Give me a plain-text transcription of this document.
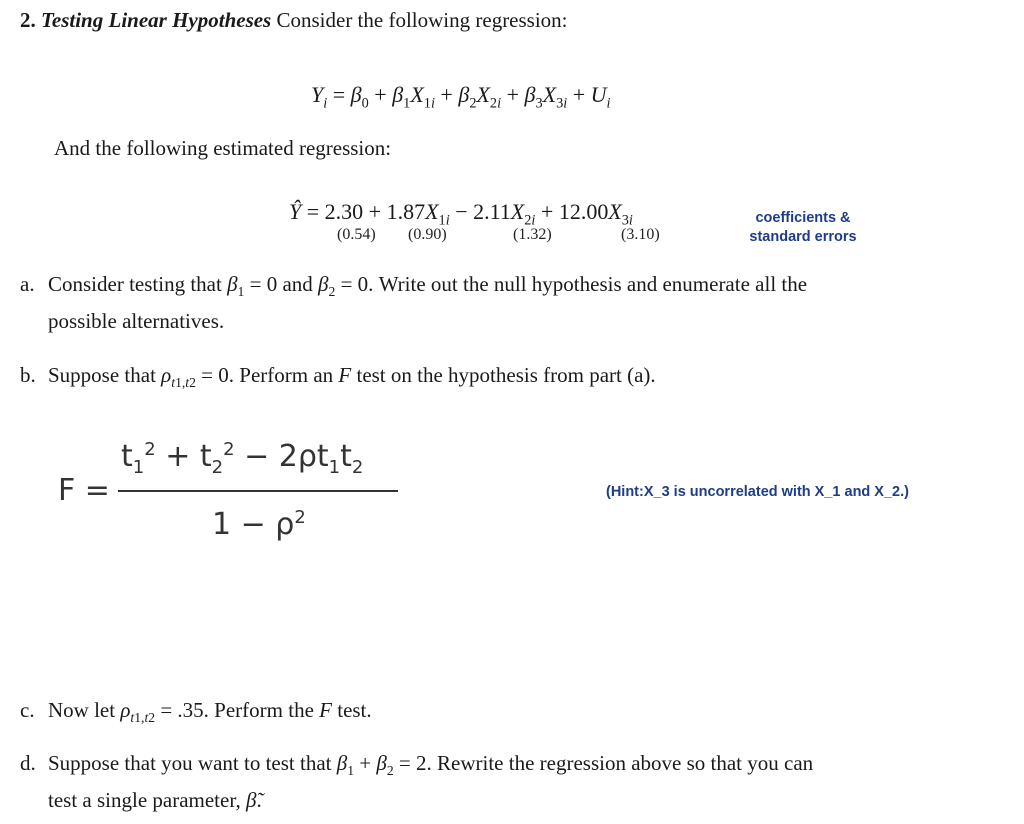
2. Testing Linear Hypotheses Consider the following regression:
$Y_i = \beta_0 + \beta_1X_{1i} + \beta_2X_{2i} + \beta_3X_{3i} + U_i$
And the following estimated regression:
Ŷ = $2.30 + 1.87X_{1i} - 2.11X_{2i} + 12.00X_{3i}$
(0.54) (0.90)	(1.32)	(3.10)
coefficients &
standard errors
a. Consider testing that $\beta_1 = 0$ and $\beta_2 = 0$. Write out the null hypothesis and enumerate all the
possible alternatives.
b. Suppose that $\rho_{t1,t2} = 0$. Perform an F test on the hypothesis from part (a).
F =
$t_1^2 + t_2^2 - 2\rho t_1t_2$
$1 - \rho^2$
(Hint:X_3 is uncorrelated with X_1 and X_2.)
c. Now let $\rho_{t1,t2} = .35$. Perform the F test.
d. Suppose that you want to test that $\beta_1 + \beta_2 = 2$. Rewrite the regression above so that you can
test a single parameter, β̃.
